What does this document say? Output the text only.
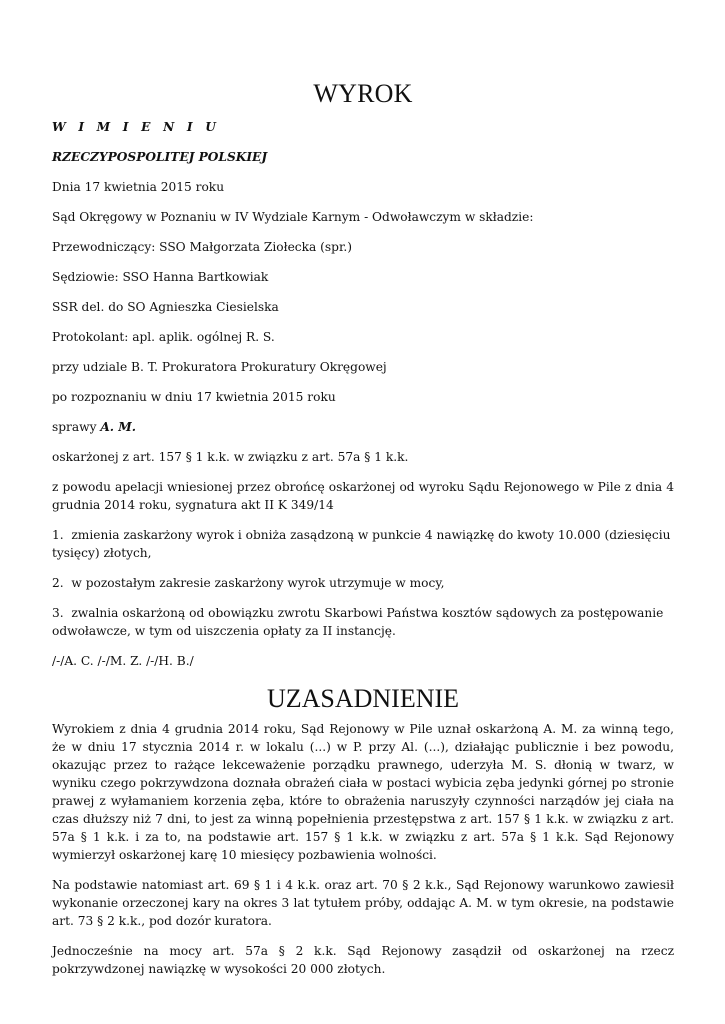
WYROK

W I M I E N I U

RZECZYPOSPOLITEJ POLSKIEJ

Dnia 17 kwietnia 2015 roku

Sąd Okręgowy w Poznaniu w IV Wydziale Karnym - Odwoławczym w składzie:

Przewodniczący: SSO Małgorzata Ziołecka (spr.)

Sędziowie: SSO Hanna Bartkowiak

SSR del. do SO Agnieszka Ciesielska

Protokolant: apl. aplik. ogólnej R. S.

przy udziale B. T. Prokuratora Prokuratury Okręgowej

po rozpoznaniu w dniu 17 kwietnia 2015 roku

sprawy A. M.

oskarżonej z art. 157 § 1 k.k. w związku z art. 57a § 1 k.k.

z powodu apelacji wniesionej przez obrońcę oskarżonej od wyroku Sądu Rejonowego w Pile z dnia 4 grudnia 2014 roku, sygnatura akt II K 349/14

1. zmienia zaskarżony wyrok i obniża zasądzoną w punkcie 4 nawiązkę do kwoty 10.000 (dziesięciu tysięcy) złotych,

2. w pozostałym zakresie zaskarżony wyrok utrzymuje w mocy,

3. zwalnia oskarżoną od obowiązku zwrotu Skarbowi Państwa kosztów sądowych za postępowanie odwoławcze, w tym od uiszczenia opłaty za II instancję.

/-/A. C. /-/M. Z. /-/H. B./

UZASADNIENIE

Wyrokiem z dnia 4 grudnia 2014 roku, Sąd Rejonowy w Pile uznał oskarżoną A. M. za winną tego, że w dniu 17 stycznia 2014 r. w lokalu (...) w P. przy Al. (...), działając publicznie i bez powodu, okazując przez to rażące lekceważenie porządku prawnego, uderzyła M. S. dłonią w twarz, w wyniku czego pokrzywdzona doznała obrażeń ciała w postaci wybicia zęba jedynki górnej po stronie prawej z wyłamaniem korzenia zęba, które to obrażenia naruszyły czynności narządów jej ciała na czas dłuższy niż 7 dni, to jest za winną popełnienia przestępstwa z art. 157 § 1 k.k. w związku z art. 57a § 1 k.k. i za to, na podstawie art. 157 § 1 k.k. w związku z art. 57a § 1 k.k. Sąd Rejonowy wymierzył oskarżonej karę 10 miesięcy pozbawienia wolności.

Na podstawie natomiast art. 69 § 1 i 4 k.k. oraz art. 70 § 2 k.k., Sąd Rejonowy warunkowo zawiesił wykonanie orzeczonej kary na okres 3 lat tytułem próby, oddając A. M. w tym okresie, na podstawie art. 73 § 2 k.k., pod dozór kuratora.

Jednocześnie na mocy art. 57a § 2 k.k. Sąd Rejonowy zasądził od oskarżonej na rzecz pokrzywdzonej nawiązkę w wysokości 20 000 złotych.
